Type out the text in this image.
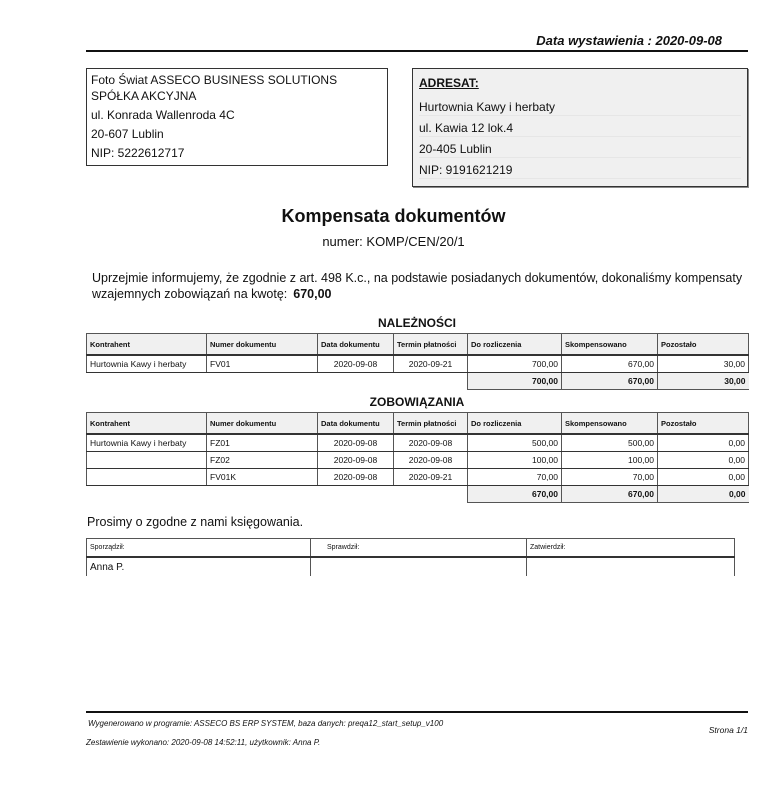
Data wystawienia : 2020-09-08
Foto Świat ASSECO BUSINESS SOLUTIONS SPÓŁKA AKCYJNA
ul. Konrada Wallenroda 4C
20-607 Lublin
NIP: 5222612717
ADRESAT:
Hurtownia Kawy i herbaty
ul. Kawia 12 lok.4
20-405 Lublin
NIP: 9191621219
Kompensata dokumentów
numer: KOMP/CEN/20/1
Uprzejmie informujemy, że zgodnie z art. 498 K.c., na podstawie posiadanych dokumentów, dokonaliśmy kompensaty wzajemnych zobowiązań na kwotę: 670,00
NALEŻNOŚCI
Kontrahent	Numer dokumentu	Data dokumentu	Termin płatności	Do rozliczenia	Skompensowano	Pozostało
Hurtownia Kawy i herbaty	FV01	2020-09-08	2020-09-21	700,00	670,00	30,00
				700,00	670,00	30,00
ZOBOWIĄZANIA
Kontrahent	Numer dokumentu	Data dokumentu	Termin płatności	Do rozliczenia	Skompensowano	Pozostało
Hurtownia Kawy i herbaty	FZ01	2020-09-08	2020-09-08	500,00	500,00	0,00
	FZ02	2020-09-08	2020-09-08	100,00	100,00	0,00
	FV01K	2020-09-08	2020-09-21	70,00	70,00	0,00
				670,00	670,00	0,00
Prosimy o zgodne z nami księgowania.
Sporządził:	Sprawdził:	Zatwierdził:
Anna P.		
Wygenerowano w programie: ASSECO BS ERP SYSTEM, baza danych: preqa12_start_setup_v100
Zestawienie wykonano: 2020-09-08 14:52:11, użytkownik: Anna P.
Strona 1/1
